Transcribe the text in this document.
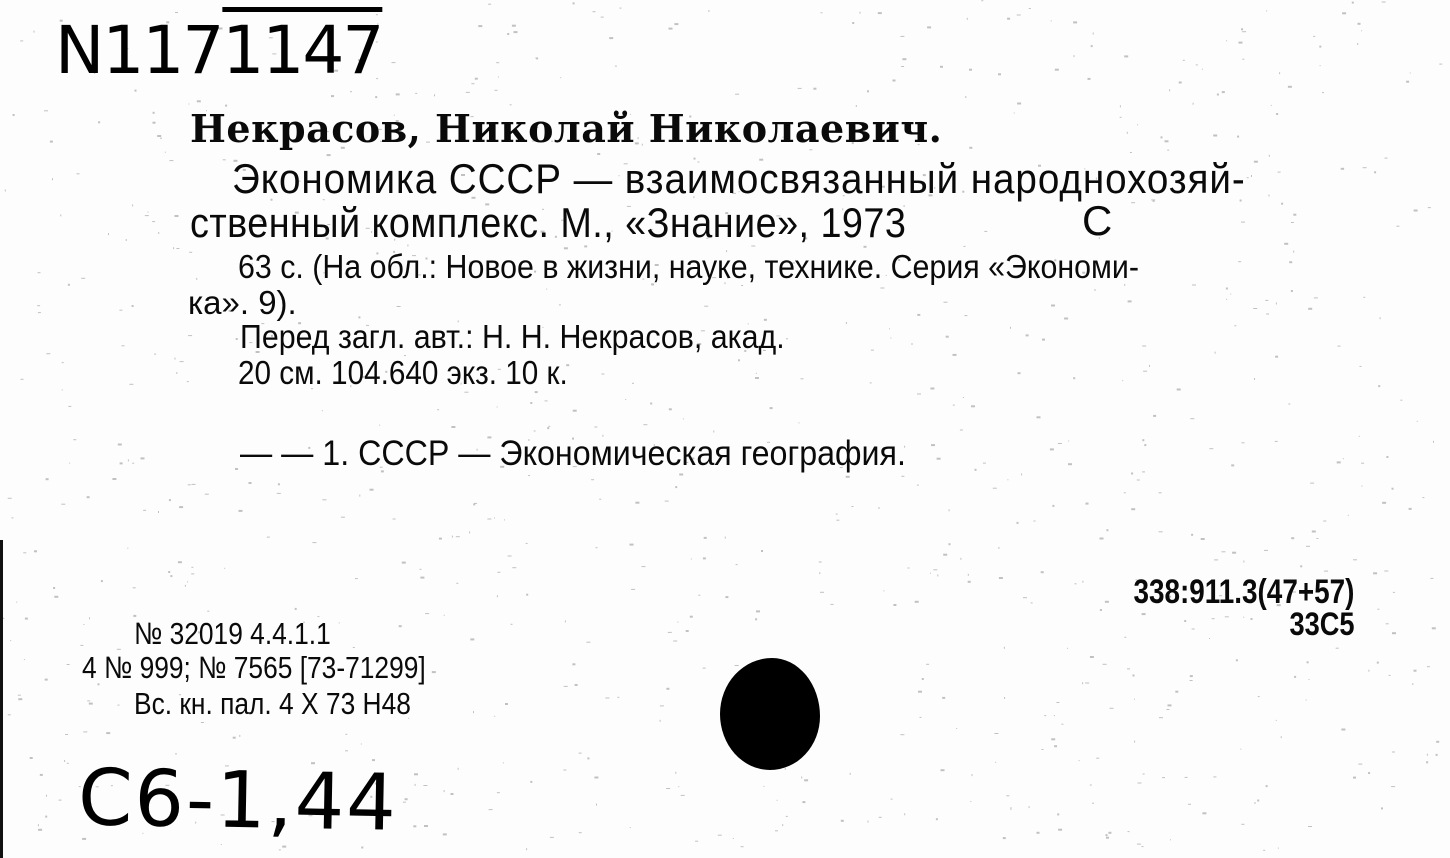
N1171147
Некрасов, Николай Николаевич.
Экономика СССР — взаимосвязанный народнохозяй-
ственный комплекс. М., «Знание», 1973	С
63 с. (На обл.: Новое в жизни, науке, технике. Серия «Экономи-
ка». 9).
Перед загл. авт.: Н. Н. Некрасов, акад.
20 см. 104.640 экз. 10 к.
— — 1. СССР — Экономическая география.
338:911.3(47+57)
33С5
№ 32019 4.4.1.1
4 № 999; № 7565 [73-71299]
Вс. кн. пал. 4 Х 73 Н48
C6-1,44
